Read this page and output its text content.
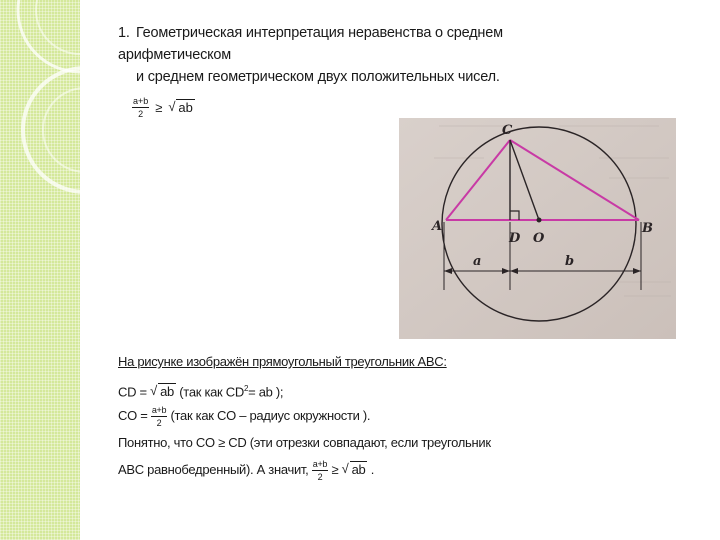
1. Геометрическая интерпретация неравенства о среднем арифметическом
и среднем геометрическом двух положительных чисел.
$\frac{a+b}{2}$ ≥ √ ab
C
A	B
D O
a	b
На рисунке изображён прямоугольный треугольник ABC:
CD = √ ab (так как $CD^2=$ ab );
CO = $\frac{a+b}{2} (так$ как CO – радиус окружности ).
Понятно, что CO ≥ CD (эти отрезки совпадают, если треугольник
ABC равнобедренный). А значит, $\frac{a+b}{2}$ ≥ √ ab .
